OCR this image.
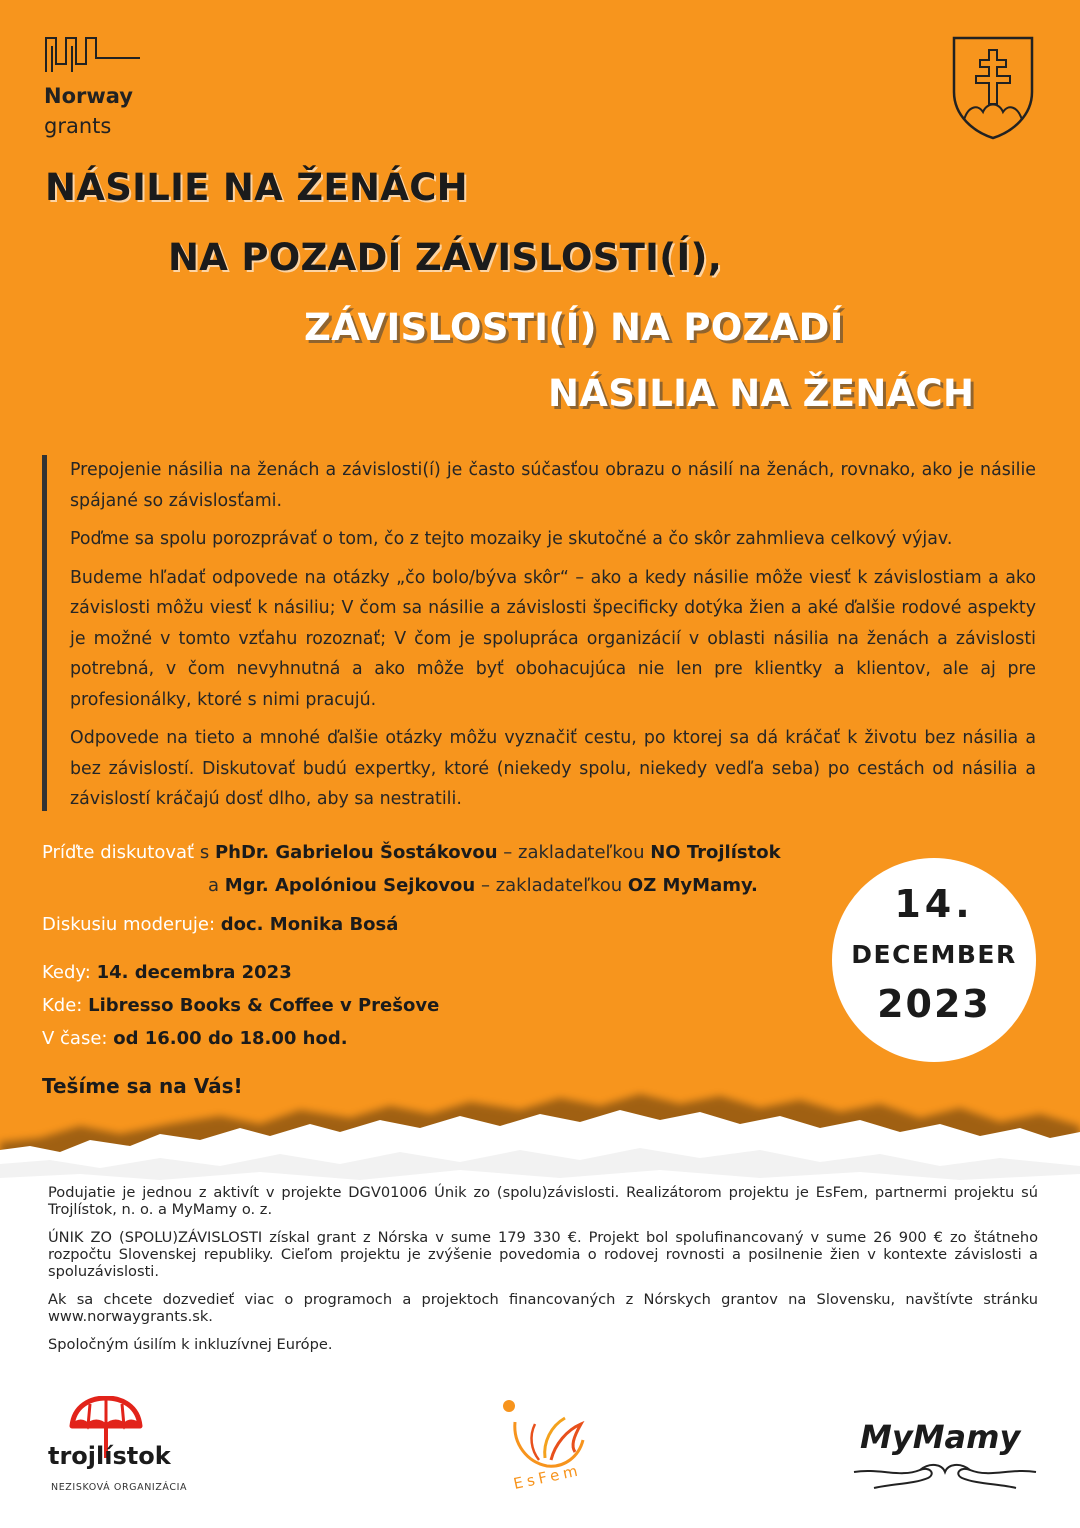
Norway
grants
NÁSILIE NA ŽENÁCH
NA POZADÍ ZÁVISLOSTI(Í),
ZÁVISLOSTI(Í) NA POZADÍ
NÁSILIA NA ŽENÁCH

Prepojenie násilia na ženách a závislosti(í) je často súčasťou obrazu o násilí na ženách, rovnako, ako je násilie spájané so závislosťami.

Poďme sa spolu porozprávať o tom, čo z tejto mozaiky je skutočné a čo skôr zahmlieva celkový výjav.

Budeme hľadať odpovede na otázky „čo bolo/býva skôr“ – ako a kedy násilie môže viesť k závislostiam a ako závislosti môžu viesť k násiliu; V čom sa násilie a závislosti špecificky dotýka žien a aké ďalšie rodové aspekty je možné v tomto vzťahu rozoznať; V čom je spolupráca organizácií v oblasti násilia na ženách a závislosti potrebná, v čom nevyhnutná a ako môže byť obohacujúca nie len pre klientky a klientov, ale aj pre profesionálky, ktoré s nimi pracujú.

Odpovede na tieto a mnohé ďalšie otázky môžu vyznačiť cestu, po ktorej sa dá kráčať k životu bez násilia a bez závislostí. Diskutovať budú expertky, ktoré (niekedy spolu, niekedy vedľa seba) po cestách od násilia a závislostí kráčajú dosť dlho, aby sa nestratili.

Príďte diskutovať s PhDr. Gabrielou Šostákovou – zakladateľkou NO Trojlístok
a Mgr. Apolóniou Sejkovou – zakladateľkou OZ MyMamy.
Diskusiu moderuje: doc. Monika Bosá
Kedy: 14. decembra 2023
Kde: Libresso Books & Coffee v Prešove
V čase: od 16.00 do 18.00 hod.
Tešíme sa na Vás!
14.
DECEMBER
2023

Podujatie je jednou z aktivít v projekte DGV01006 Únik zo (spolu)závislosti. Realizátorom projektu je EsFem, partnermi projektu sú Trojlístok, n. o. a MyMamy o. z.

ÚNIK ZO (SPOLU)ZÁVISLOSTI získal grant z Nórska v sume 179 330 €. Projekt bol spolufinancovaný v sume 26 900 € zo štátneho rozpočtu Slovenskej republiky. Cieľom projektu je zvýšenie povedomia o rodovej rovnosti a posilnenie žien v kontexte závislosti a spoluzávislosti.

Ak sa chcete dozvedieť viac o programoch a projektoch financovaných z Nórskych grantov na Slovensku, navštívte stránku www.norwaygrants.sk.

Spoločným úsilím k inkluzívnej Európe.

trojlístok
NEZISKOVÁ ORGANIZÁCIA	EsFem
MyMamy
